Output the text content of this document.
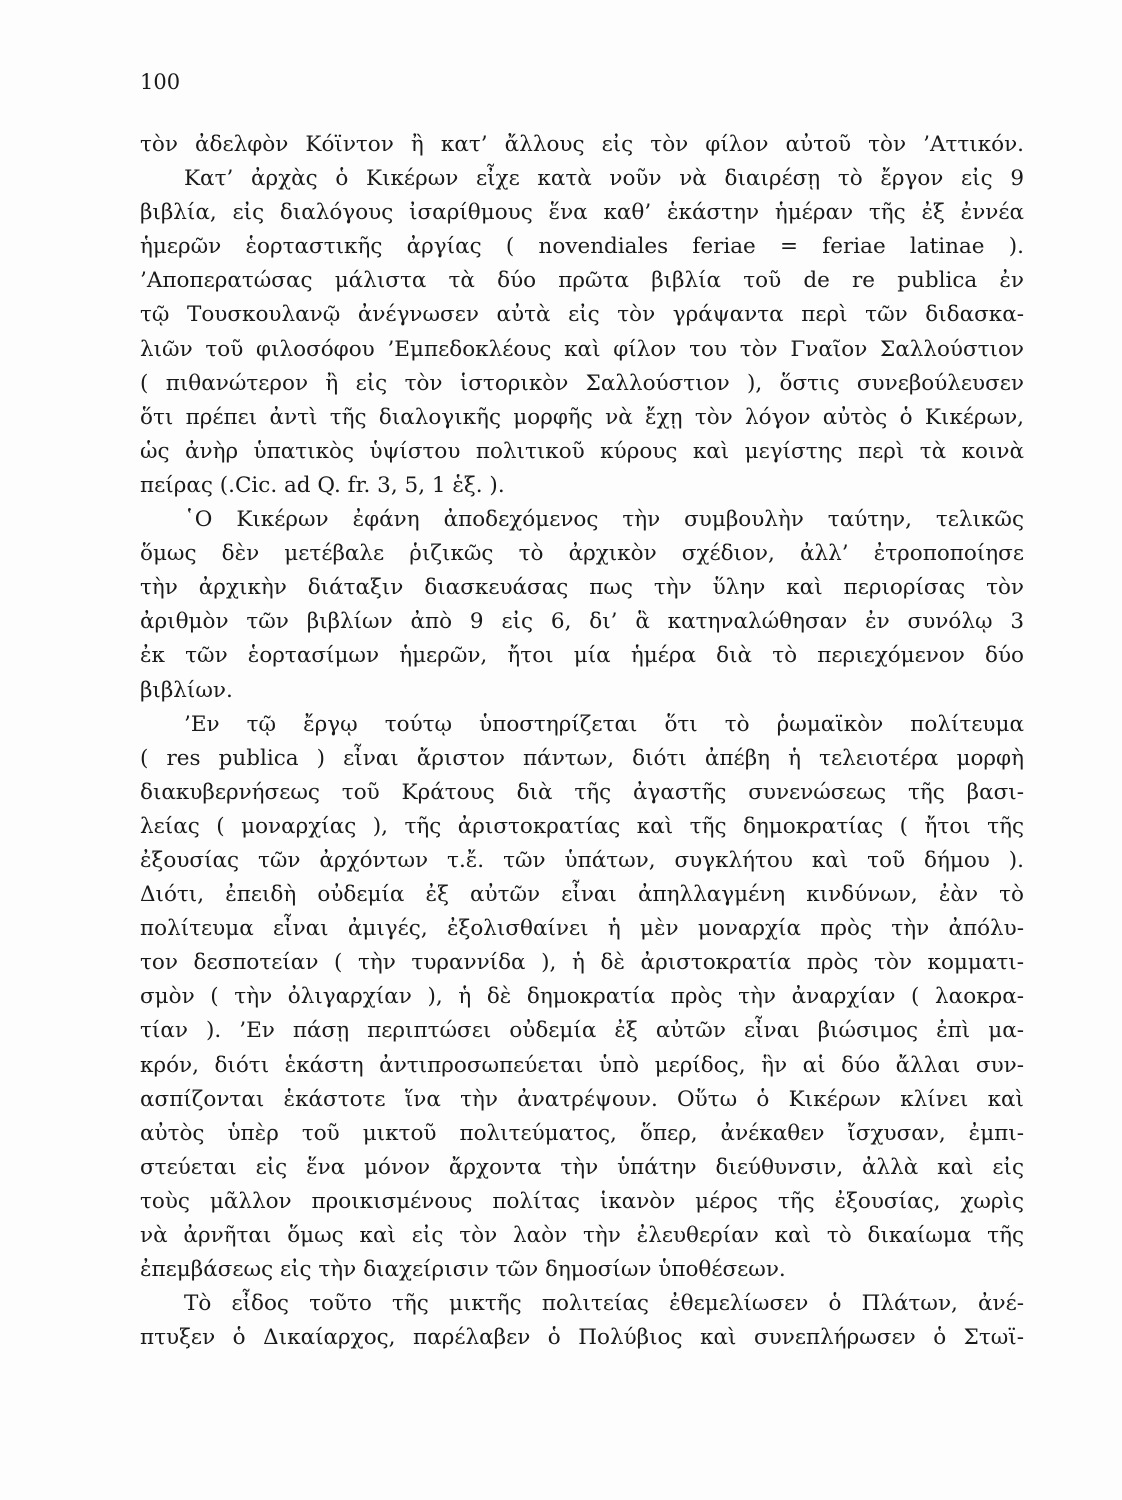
100
τὸν ἀδελφὸν Κόϊντον ἢ κατ’ ἄλλους εἰς τὸν φίλον αὐτοῦ τὸν ’Αττικόν.
Κατ’ ἀρχὰς ὁ Κικέρων εἶχε κατὰ νοῦν νὰ διαιρέσῃ τὸ ἔργον εἰς 9
βιβλία, εἰς διαλόγους ἰσαρίθμους ἕνα καθ’ ἑκάστην ἡμέραν τῆς ἐξ ἐννέα
ἡμερῶν ἑορταστικῆς ἀργίας ( novendiales feriae = feriae latinae ).
’Αποπερατώσας μάλιστα τὰ δύο πρῶτα βιβλία τοῦ de re publica ἐν
τῷ Τουσκουλανῷ ἀνέγνωσεν αὐτὰ εἰς τὸν γράψαντα περὶ τῶν διδασκα-
λιῶν τοῦ φιλοσόφου ’Εμπεδοκλέους καὶ φίλον του τὸν Γναῖον Σαλλούστιον
( πιθανώτερον ἢ εἰς τὸν ἱστορικὸν Σαλλούστιον ), ὅστις συνεβούλευσεν
ὅτι πρέπει ἀντὶ τῆς διαλογικῆς μορφῆς νὰ ἔχῃ τὸν λόγον αὐτὸς ὁ Κικέρων,
ὡς ἀνὴρ ὑπατικὸς ὑψίστου πολιτικοῦ κύρους καὶ μεγίστης περὶ τὰ κοινὰ
πείρας (.Cic. ad Q. fr. 3, 5, 1 ἑξ. ).
῾Ο Κικέρων ἐφάνη ἀποδεχόμενος τὴν συμβουλὴν ταύτην, τελικῶς
ὅμως δὲν μετέβαλε ῥιζικῶς τὸ ἀρχικὸν σχέδιον, ἀλλ’ ἐτροποποίησε
τὴν ἀρχικὴν διάταξιν διασκευάσας πως τὴν ὕλην καὶ περιορίσας τὸν
ἀριθμὸν τῶν βιβλίων ἀπὸ 9 εἰς 6, δι’ ἃ κατηναλώθησαν ἐν συνόλῳ 3
ἐκ τῶν ἑορτασίμων ἡμερῶν, ἤτοι μία ἡμέρα διὰ τὸ περιεχόμενον δύο
βιβλίων.
’Εν τῷ ἔργῳ τούτῳ ὑποστηρίζεται ὅτι τὸ ῥωμαϊκὸν πολίτευμα
( res publica ) εἶναι ἄριστον πάντων, διότι ἀπέβη ἡ τελειοτέρα μορφὴ
διακυβερνήσεως τοῦ Κράτους διὰ τῆς ἀγαστῆς συνενώσεως τῆς βασι-
λείας ( μοναρχίας ), τῆς ἀριστοκρατίας καὶ τῆς δημοκρατίας ( ἤτοι τῆς
ἐξουσίας τῶν ἀρχόντων τ.ἔ. τῶν ὑπάτων, συγκλήτου καὶ τοῦ δήμου ).
Διότι, ἐπειδὴ οὐδεμία ἐξ αὐτῶν εἶναι ἀπηλλαγμένη κινδύνων, ἐὰν τὸ
πολίτευμα εἶναι ἀμιγές, ἐξολισθαίνει ἡ μὲν μοναρχία πρὸς τὴν ἀπόλυ-
τον δεσποτείαν ( τὴν τυραννίδα ), ἡ δὲ ἀριστοκρατία πρὸς τὸν κομματι-
σμὸν ( τὴν ὀλιγαρχίαν ), ἡ δὲ δημοκρατία πρὸς τὴν ἀναρχίαν ( λαοκρα-
τίαν ). ’Εν πάσῃ περιπτώσει οὐδεμία ἐξ αὐτῶν εἶναι βιώσιμος ἐπὶ μα-
κρόν, διότι ἑκάστη ἀντιπροσωπεύεται ὑπὸ μερίδος, ἣν αἱ δύο ἄλλαι συν-
ασπίζονται ἑκάστοτε ἵνα τὴν ἀνατρέψουν. Οὕτω ὁ Κικέρων κλίνει καὶ
αὐτὸς ὑπὲρ τοῦ μικτοῦ πολιτεύματος, ὅπερ, ἀνέκαθεν ἴσχυσαν, ἐμπι-
στεύεται εἰς ἕνα μόνον ἄρχοντα τὴν ὑπάτην διεύθυνσιν, ἀλλὰ καὶ εἰς
τοὺς μᾶλλον προικισμένους πολίτας ἱκανὸν μέρος τῆς ἐξουσίας, χωρὶς
νὰ ἀρνῆται ὅμως καὶ εἰς τὸν λαὸν τὴν ἐλευθερίαν καὶ τὸ δικαίωμα τῆς
ἐπεμβάσεως εἰς τὴν διαχείρισιν τῶν δημοσίων ὑποθέσεων.
Τὸ εἶδος τοῦτο τῆς μικτῆς πολιτείας ἐθεμελίωσεν ὁ Πλάτων, ἀνέ-
πτυξεν ὁ Δικαίαρχος, παρέλαβεν ὁ Πολύβιος καὶ συνεπλήρωσεν ὁ Στωϊ-
